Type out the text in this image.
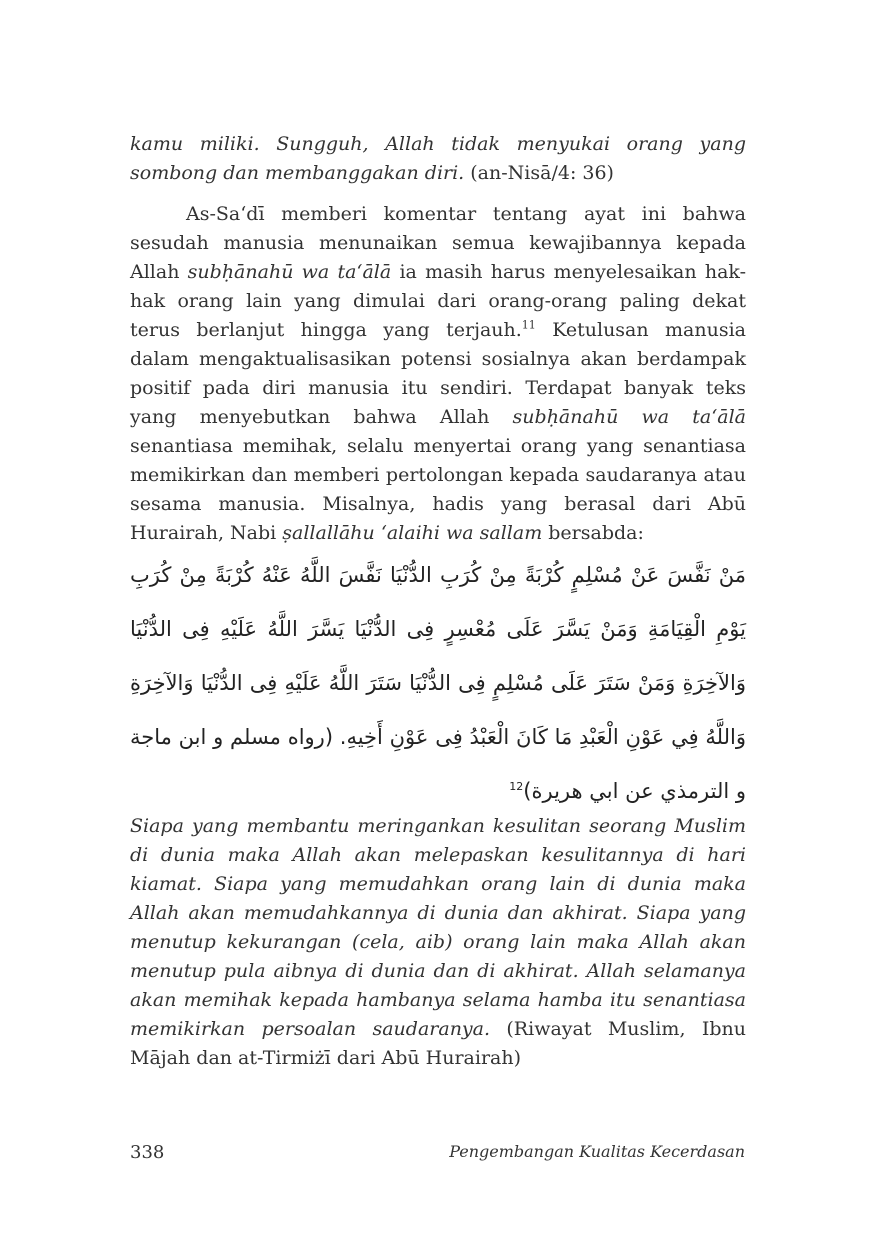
kamu miliki. Sungguh, Allah tidak menyukai orang yang sombong dan membanggakan diri. (an-Nisā/4: 36)

As-Sa‘dī memberi komentar tentang ayat ini bahwa sesudah manusia menunaikan semua kewajibannya kepada Allah subḥānahū wa ta‘ālā ia masih harus menyelesaikan hak-hak orang lain yang dimulai dari orang-orang paling dekat terus berlanjut hingga yang terjauh.$^{11}$ Ketulusan manusia dalam mengaktualisasikan potensi sosialnya akan berdampak positif pada diri manusia itu sendiri. Terdapat banyak teks yang menyebutkan bahwa Allah subḥānahū wa ta‘ālā senantiasa memihak, selalu menyertai orang yang senantiasa memikirkan dan memberi pertolongan kepada saudaranya atau sesama manusia. Misalnya, hadis yang berasal dari Abū Hurairah, Nabi ṣallallāhu ‘alaihi wa sallam bersabda:

مَنْ نَفَّسَ عَنْ مُسْلِمٍ كُرْبَةً مِنْ كُرَبِ الدُّنْيَا نَفَّسَ اللَّهُ عَنْهُ كُرْبَةً مِنْ كُرَبِ يَوْمِ الْقِيَامَةِ وَمَنْ يَسَّرَ عَلَى مُعْسِرٍ فِى الدُّنْيَا يَسَّرَ اللَّهُ عَلَيْهِ فِى الدُّنْيَا وَالآخِرَةِ وَمَنْ سَتَرَ عَلَى مُسْلِمٍ فِى الدُّنْيَا سَتَرَ اللَّهُ عَلَيْهِ فِى الدُّنْيَا وَالآخِرَةِ وَاللَّهُ فِي عَوْنِ الْعَبْدِ مَا كَانَ الْعَبْدُ فِى عَوْنِ أَخِيهِ. (رواه مسلم و ابن ماجة و الترمذي عن ابي هريرة)$^{12}$

Siapa yang membantu meringankan kesulitan seorang Muslim di dunia maka Allah akan melepaskan kesulitannya di hari kiamat. Siapa yang memudahkan orang lain di dunia maka Allah akan memudahkannya di dunia dan akhirat. Siapa yang menutup kekurangan (cela, aib) orang lain maka Allah akan menutup pula aibnya di dunia dan di akhirat. Allah selamanya akan memihak kepada hambanya selama hamba itu senantiasa memikirkan persoalan saudaranya. (Riwayat Muslim, Ibnu Mājah dan at-Tirmiżī dari Abū Hurairah)

338	Pengembangan Kualitas Kecerdasan
